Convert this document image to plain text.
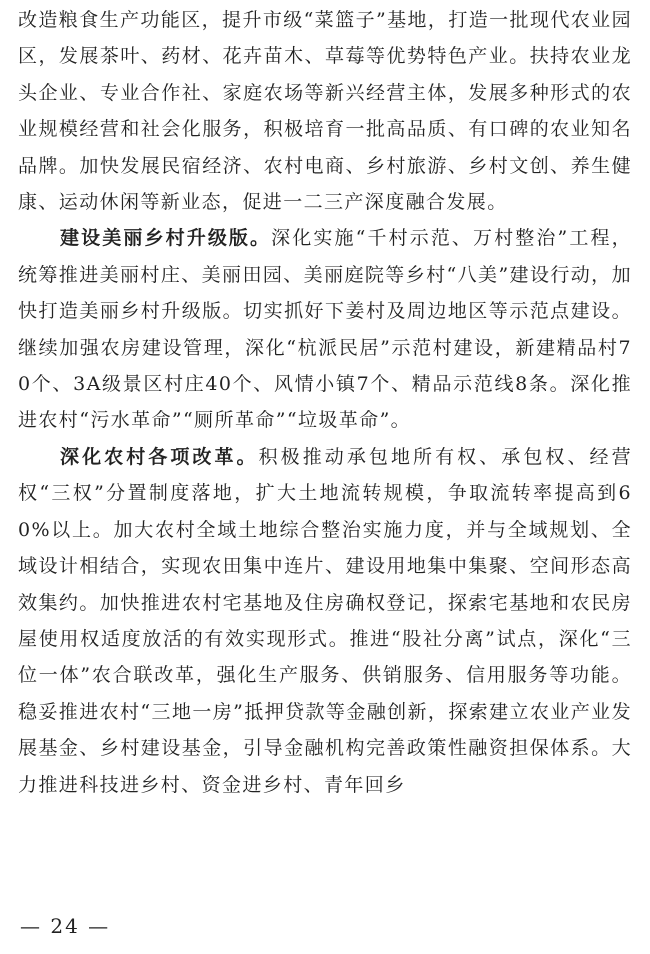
改造粮食生产功能区，提升市级“菜篮子”基地，打造一批现代农业园区，发展茶叶、药材、花卉苗木、草莓等优势特色产业。扶持农业龙头企业、专业合作社、家庭农场等新兴经营主体，发展多种形式的农业规模经营和社会化服务，积极培育一批高品质、有口碑的农业知名品牌。加快发展民宿经济、农村电商、乡村旅游、乡村文创、养生健康、运动休闲等新业态，促进一二三产深度融合发展。

建设美丽乡村升级版。深化实施“千村示范、万村整治”工程，统筹推进美丽村庄、美丽田园、美丽庭院等乡村“八美”建设行动，加快打造美丽乡村升级版。切实抓好下姜村及周边地区等示范点建设。继续加强农房建设管理，深化“杭派民居”示范村建设，新建精品村70个、3A级景区村庄40个、风情小镇7个、精品示范线8条。深化推进农村“污水革命”“厕所革命”“垃圾革命”。

深化农村各项改革。积极推动承包地所有权、承包权、经营权“三权”分置制度落地，扩大土地流转规模，争取流转率提高到60%以上。加大农村全域土地综合整治实施力度，并与全域规划、全域设计相结合，实现农田集中连片、建设用地集中集聚、空间形态高效集约。加快推进农村宅基地及住房确权登记，探索宅基地和农民房屋使用权适度放活的有效实现形式。推进“股社分离”试点，深化“三位一体”农合联改革，强化生产服务、供销服务、信用服务等功能。稳妥推进农村“三地一房”抵押贷款等金融创新，探索建立农业产业发展基金、乡村建设基金，引导金融机构完善政策性融资担保体系。大力推进科技进乡村、资金进乡村、青年回乡

— 24 —
